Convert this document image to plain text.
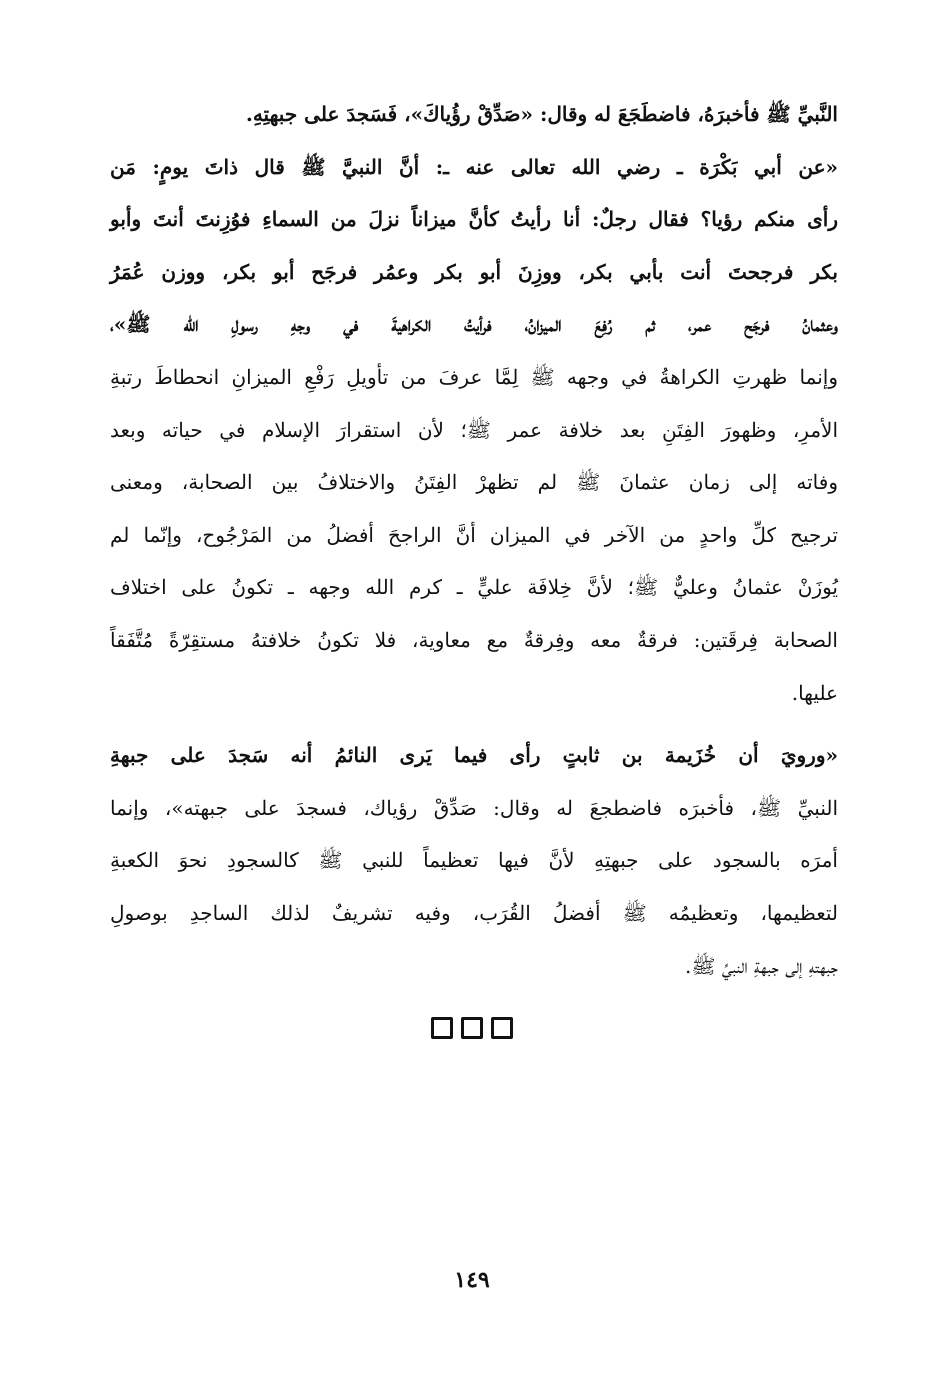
النَّبيِّ ﷺ فأخبرَهُ، فاضطَجَعَ له وقال: «صَدِّقْ رؤُياكَ»، فَسَجدَ على جبهتِهِ.
«عن أبي بَكْرَة ـ رضي الله تعالى عنه ـ: أنَّ النبيَّ ﷺ قال ذاتَ يومٍ: مَن
رأى منكم رؤيا؟ فقال رجلٌ: أنا رأيتُ كأنَّ ميزاناً نزلَ من السماءِ فوُزِنتَ أنتَ وأبو
بكر فرجحتَ أنت بأبي بكر، ووزِنَ أبو بكر وعمُر فرجَح أبو بكر، ووزن عُمَرُ
وعثمانُ فرجَح عمر، ثم رُفِعَ الميزانُ، فرأيتُ الكراهيةَ في وجهِ رسولِ الله ﷺ»،
وإنما ظهرتِ الكراهةُ في وجهه ﷺ لِمَّا عرفَ من تأويلِ رَفْعِ الميزانِ انحطاطَ رتبةِ
الأمرِ، وظهورَ الفِتَنِ بعد خلافة عمر ﷺ؛ لأن استقرارَ الإسلام في حياته وبعد
وفاته إلى زمان عثمانَ ﷺ لم تظهرْ الفِتَنُ والاختلافُ بين الصحابة، ومعنى
ترجيح كلِّ واحدٍ من الآخر في الميزان أنَّ الراجحَ أفضلُ من المَرْجُوح، وإنّما لم
يُوزَنْ عثمانُ وعليٌّ ﷺ؛ لأنَّ خِلافَة عليٍّ ـ كرم الله وجهه ـ تكونُ على اختلاف
الصحابة فِرقَتين: فرقةٌ معه وفِرقةٌ مع معاوية، فلا تكونُ خلافتهُ مستقِرّةً مُتَّفَقاً
عليها.
«ورويَ أن خُزَيمة بن ثابتٍ رأى فيما يَرى النائمُ أنه سَجدَ على جبهةِ
النبيِّ ﷺ، فأخبرَه فاضطجعَ له وقال: صَدِّقْ رؤياك، فسجدَ على جبهته»، وإنما
أمرَه بالسجود على جبهتِهِ لأنَّ فيها تعظيماً للنبي ﷺ كالسجودِ نحوَ الكعبةِ
لتعظيمها، وتعظيمُه ﷺ أفضلُ القُرَب، وفيه تشريفٌ لذلك الساجدِ بوصولِ
جبهتهِ إلى جبهةِ النبيِّ ﷺ.

١٤٩
